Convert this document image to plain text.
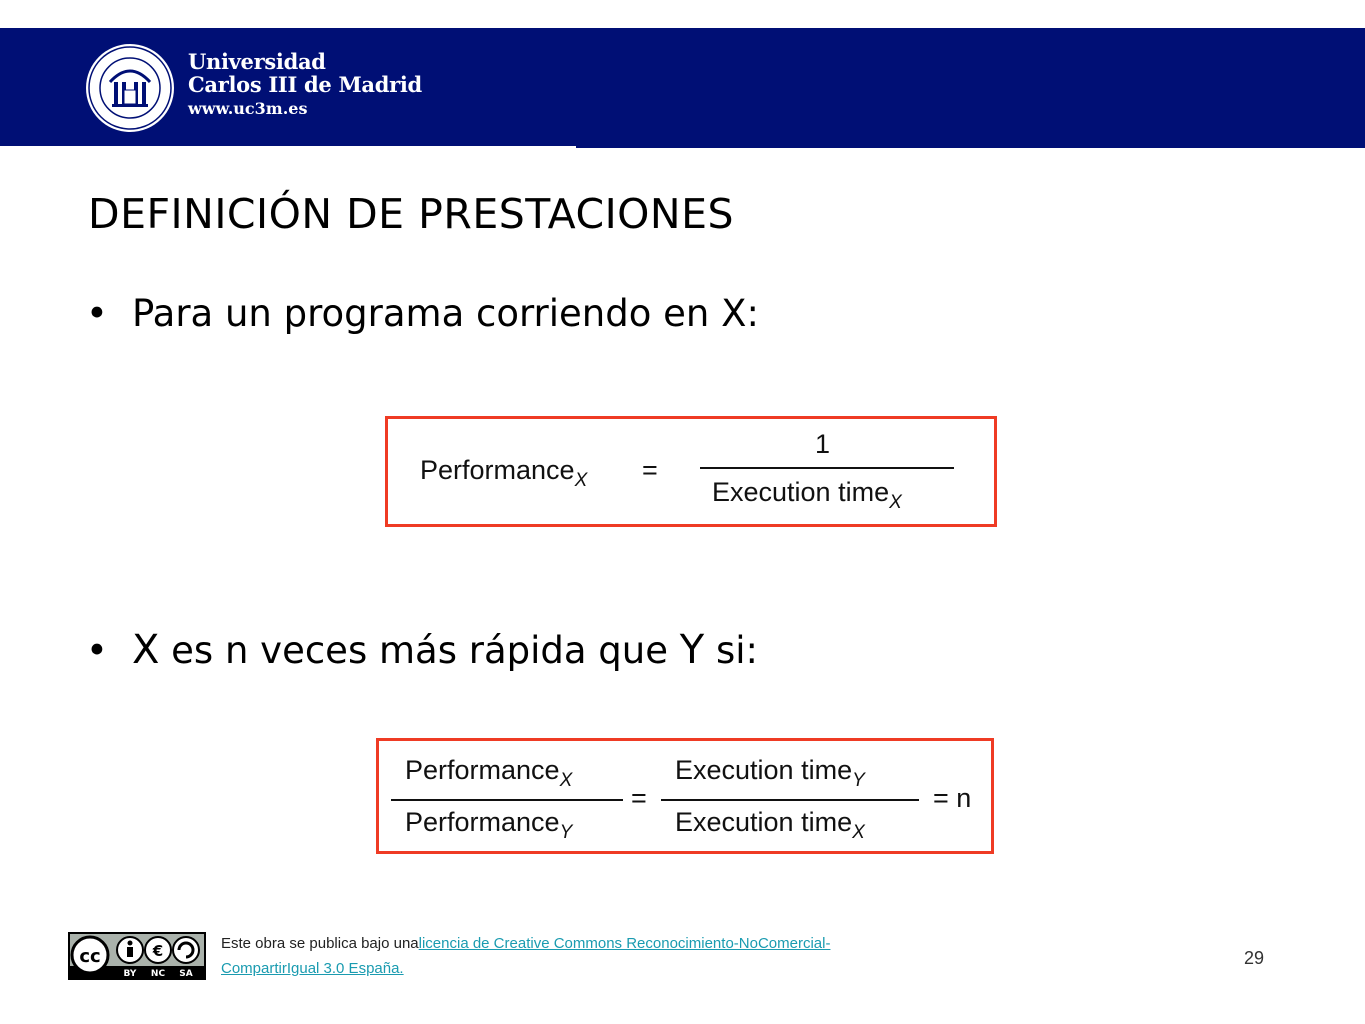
Universidad
Carlos III de Madrid
www.uc3m.es
DEFINICIÓN DE PRESTACIONES
• Para un programa corriendo en X:
Performance$_X$ =
1
Execution time$_X$
• X es n veces más rápida que Y si:
Performance$_X$
Performance$_Y$
=
Execution time$_Y$
Execution time$_X$
= n
cc	€
BY NC SA
Este obra se publica bajo unalicencia de Creative Commons Reconocimiento-NoComercial-CompartirIgual 3.0 España.
29
